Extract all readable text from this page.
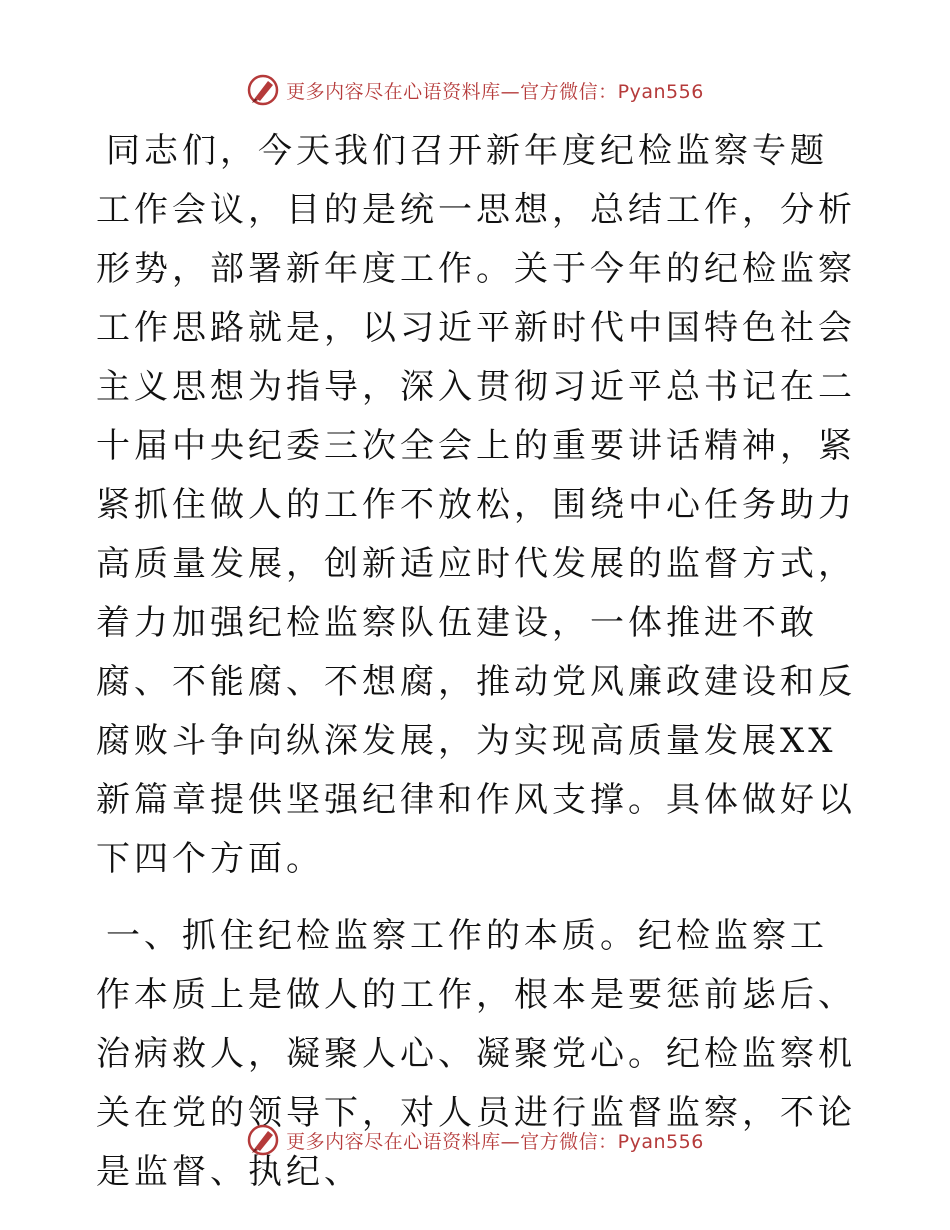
更多内容尽在心语资料库—官方微信：Pyan556

同志们，今天我们召开新年度纪检监察专题工作会议，目的是统一思想，总结工作，分析形势，部署新年度工作。关于今年的纪检监察工作思路就是，以习近平新时代中国特色社会主义思想为指导，深入贯彻习近平总书记在二十届中央纪委三次全会上的重要讲话精神，紧紧抓住做人的工作不放松，围绕中心任务助力高质量发展，创新适应时代发展的监督方式，着力加强纪检监察队伍建设，一体推进不敢腐、不能腐、不想腐，推动党风廉政建设和反腐败斗争向纵深发展，为实现高质量发展XX新篇章提供坚强纪律和作风支撑。具体做好以下四个方面。

一、抓住纪检监察工作的本质。纪检监察工作本质上是做人的工作，根本是要惩前毖后、治病救人，凝聚人心、凝聚党心。纪检监察机关在党的领导下，对人员进行监督监察，不论是监督、执纪、

更多内容尽在心语资料库—官方微信：Pyan556
